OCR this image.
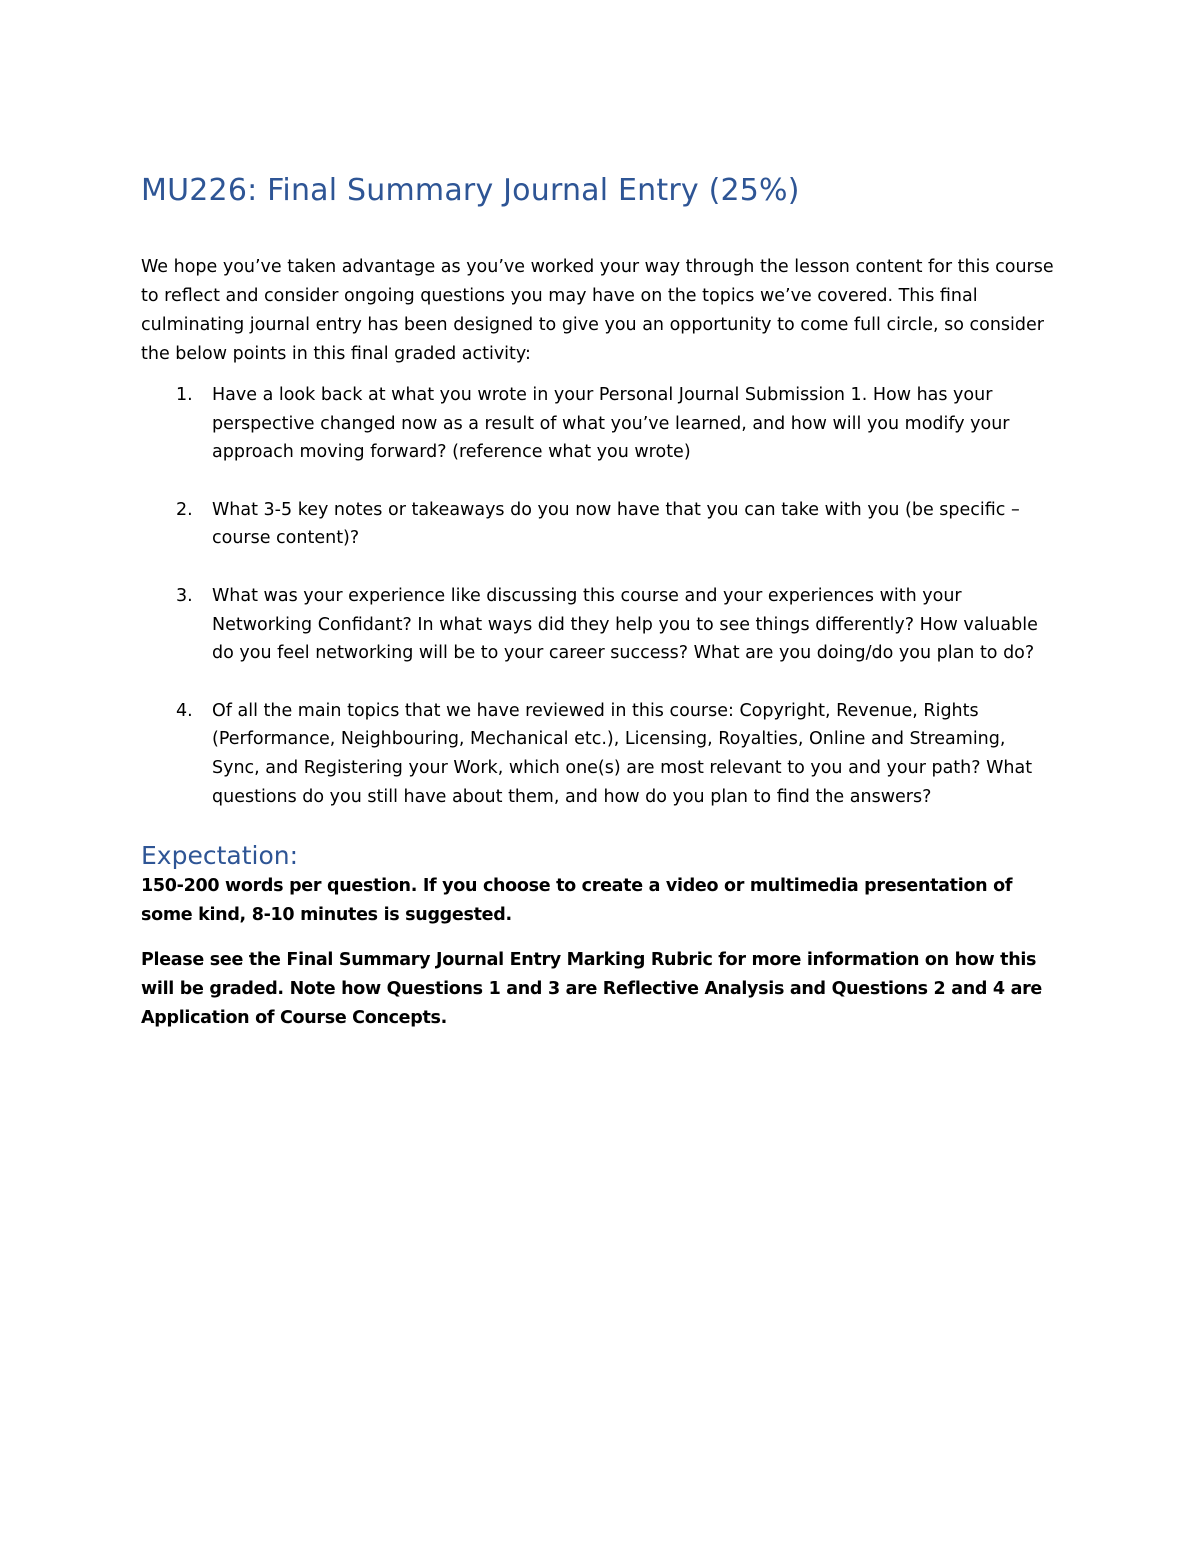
MU226: Final Summary Journal Entry (25%)

We hope you’ve taken advantage as you’ve worked your way through the lesson content for this course to reflect and consider ongoing questions you may have on the topics we’ve covered. This final culminating journal entry has been designed to give you an opportunity to come full circle, so consider the below points in this final graded activity:

1. Have a look back at what you wrote in your Personal Journal Submission 1. How has your perspective changed now as a result of what you’ve learned, and how will you modify your approach moving forward? (reference what you wrote)
2. What 3-5 key notes or takeaways do you now have that you can take with you (be specific – course content)?
3. What was your experience like discussing this course and your experiences with your Networking Confidant? In what ways did they help you to see things differently? How valuable do you feel networking will be to your career success? What are you doing/do you plan to do?
4. Of all the main topics that we have reviewed in this course: Copyright, Revenue, Rights (Performance, Neighbouring, Mechanical etc.), Licensing, Royalties, Online and Streaming, Sync, and Registering your Work, which one(s) are most relevant to you and your path? What questions do you still have about them, and how do you plan to find the answers?
Expectation:

150-200 words per question. If you choose to create a video or multimedia presentation of some kind, 8-10 minutes is suggested.

Please see the Final Summary Journal Entry Marking Rubric for more information on how this will be graded. Note how Questions 1 and 3 are Reflective Analysis and Questions 2 and 4 are Application of Course Concepts.
